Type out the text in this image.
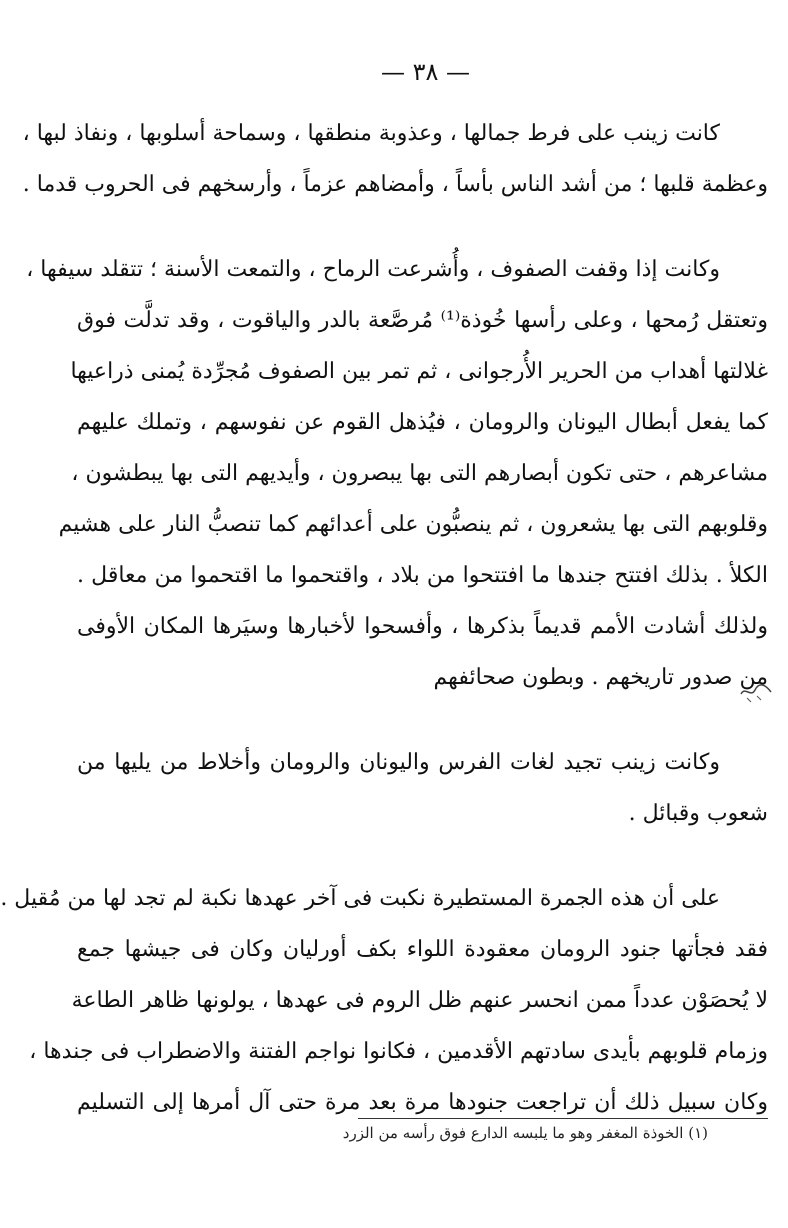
— ٣٨ —
كانت زينب على فرط جمالها ، وعذوبة منطقها ، وسماحة أسلوبها ، ونفاذ لبها ،
وعظمة قلبها ؛ من أشد الناس بأساً ، وأمضاهم عزماً ، وأرسخهم فى الحروب قدما .
وكانت إذا وقفت الصفوف ، وأُشرعت الرماح ، والتمعت الأسنة ؛ تتقلد سيفها ،
وتعتقل رُمحها ، وعلى رأسها خُوذة⁽¹⁾ مُرصَّعة بالدر والياقوت ، وقد تدلَّت فوق
غلالتها أهداب من الحرير الأُرجوانى ، ثم تمر بين الصفوف مُجرِّدة يُمنى ذراعيها
كما يفعل أبطال اليونان والرومان ، فيُذهل القوم عن نفوسهم ، وتملك عليهم
مشاعرهم ، حتى تكون أبصارهم التى بها يبصرون ، وأيديهم التى بها يبطشون ،
وقلوبهم التى بها يشعرون ، ثم ينصبُّون على أعدائهم كما تنصبُّ النار على هشيم
الكلأ . بذلك افتتح جندها ما افتتحوا من بلاد ، واقتحموا ما اقتحموا من معاقل .
ولذلك أشادت الأمم قديماً بذكرها ، وأفسحوا لأخبارها وسيَرها المكان الأوفى
من صدور تاريخهم . وبطون صحائفهم
وكانت زينب تجيد لغات الفرس واليونان والرومان وأخلاط من يليها من
شعوب وقبائل .
على أن هذه الجمرة المستطيرة نكبت فى آخر عهدها نكبة لم تجد لها من مُقيل .
فقد فجأتها جنود الرومان معقودة اللواء بكف أورليان وكان فى جيشها جمع
لا يُحصَوْن عدداً ممن انحسر عنهم ظل الروم فى عهدها ، يولونها ظاهر الطاعة
وزمام قلوبهم بأيدى سادتهم الأقدمين ، فكانوا نواجم الفتنة والاضطراب فى جندها ،
وكان سبيل ذلك أن تراجعت جنودها مرة بعد مرة حتى آل أمرها إلى التسليم
(١) الخوذة المغفر وهو ما يلبسه الدارع فوق رأسه من الزرد
